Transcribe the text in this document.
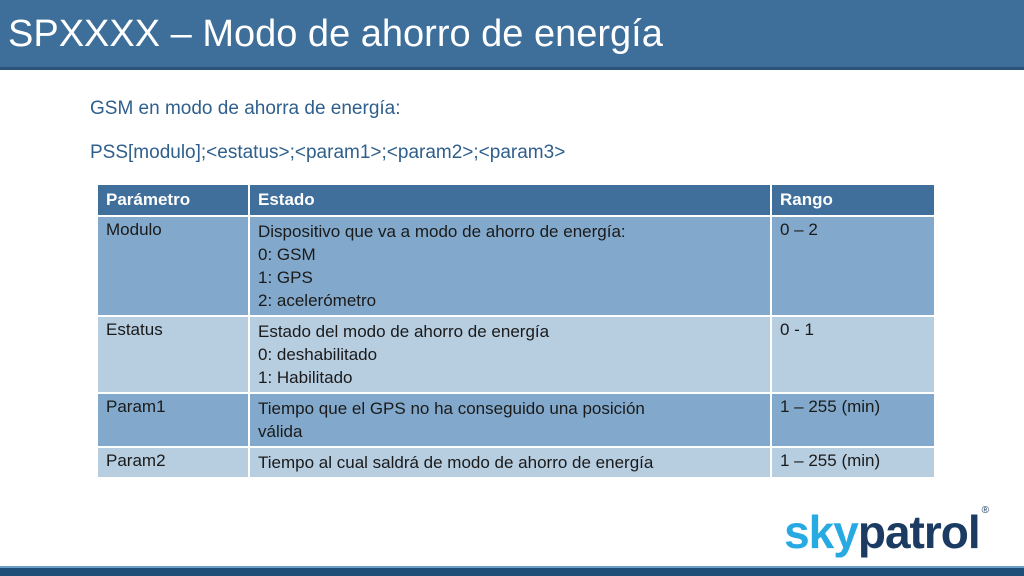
SPXXXX – Modo de ahorro de energía
GSM en modo de ahorra de energía:
PSS[modulo];<estatus>;<param1>;<param2>;<param3>
Parámetro	Estado	Rango
Modulo	Dispositivo que va a modo de ahorro de energía:
0: GSM
1: GPS
2: acelerómetro	0 – 2
Estatus	Estado del modo de ahorro de energía
0: deshabilitado
1: Habilitado	0 - 1
Param1	Tiempo que el GPS no ha conseguido una posición
válida	1 – 255 (min)
Param2	Tiempo al cual saldrá de modo de ahorro de energía	1 – 255 (min)
skypatrol ®
